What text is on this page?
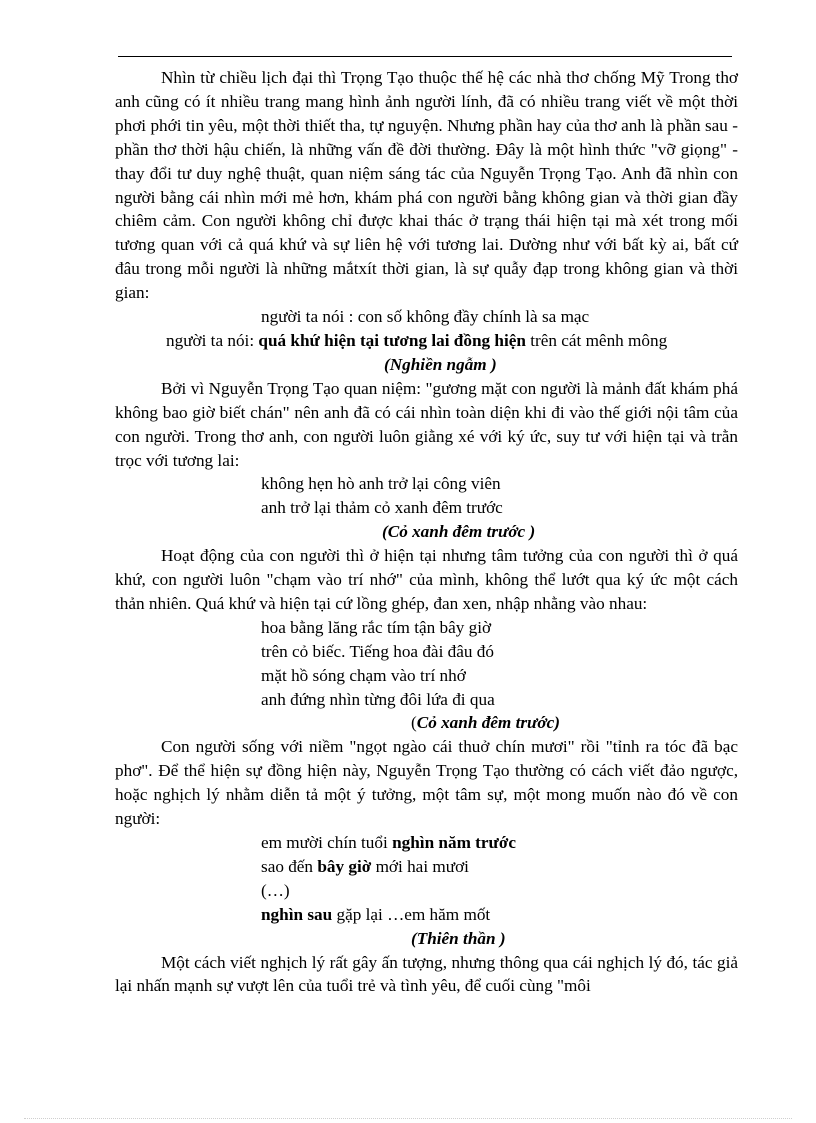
Nhìn từ chiều lịch đại thì Trọng Tạo thuộc thế hệ các nhà thơ chống Mỹ Trong thơ anh cũng có ít nhiều trang mang hình ảnh người lính, đã có nhiều trang viết về một thời phơi phới tin yêu, một thời thiết tha, tự nguyện. Nhưng phần hay của thơ anh là phần sau - phần thơ thời hậu chiến, là những vấn đề đời thường. Đây là một hình thức "vỡ giọng" - thay đổi tư duy nghệ thuật, quan niệm sáng tác của Nguyễn Trọng Tạo. Anh đã nhìn con người bằng cái nhìn mới mẻ hơn, khám phá con người bằng không gian và thời gian đầy chiêm cảm. Con người không chỉ được khai thác ở trạng thái hiện tại mà xét trong mối tương quan với cả quá khứ và sự liên hệ với tương lai. Dường như với bất kỳ ai, bất cứ đâu trong mỗi người là những mắtxít thời gian, là sự quẫy đạp trong không gian và thời gian:

người ta nói : con số không đầy chính là sa mạc

người ta nói: quá khứ hiện tại tương lai đồng hiện trên cát mênh mông

(Nghiền ngẫm )

Bởi vì Nguyễn Trọng Tạo quan niệm: "gương mặt con người là mảnh đất khám phá không bao giờ biết chán" nên anh đã có cái nhìn toàn diện khi đi vào thế giới nội tâm của con người. Trong thơ anh, con người luôn giằng xé với ký ức, suy tư với hiện tại và trằn trọc với tương lai:

không hẹn hò anh trở lại công viên

anh trở lại thảm cỏ xanh đêm trước

(Cỏ xanh đêm trước )

Hoạt động của con người thì ở hiện tại nhưng tâm tưởng của con người thì ở quá khứ, con người luôn "chạm vào trí nhớ" của mình, không thể lướt qua ký ức một cách thản nhiên. Quá khứ và hiện tại cứ lồng ghép, đan xen, nhập nhằng vào nhau:

hoa bằng lăng rắc tím tận bây giờ

trên cỏ biếc. Tiếng hoa đài đâu đó

mặt hồ sóng chạm vào trí nhớ

anh đứng nhìn từng đôi lứa đi qua

(Cỏ xanh đêm trước)

Con người sống với niềm "ngọt ngào cái thuở chín mươi" rồi "tỉnh ra tóc đã bạc phơ". Để thể hiện sự đồng hiện này, Nguyễn Trọng Tạo thường có cách viết đảo ngược, hoặc nghịch lý nhằm diễn tả một ý tưởng, một tâm sự, một mong muốn nào đó về con người:

em mười chín tuổi nghìn năm trước

sao đến bây giờ mới hai mươi

(…)

nghìn sau gặp lại …em hăm mốt

(Thiên thần )

Một cách viết nghịch lý rất gây ấn tượng, nhưng thông qua cái nghịch lý đó, tác giả lại nhấn mạnh sự vượt lên của tuổi trẻ và tình yêu, để cuối cùng "môi
